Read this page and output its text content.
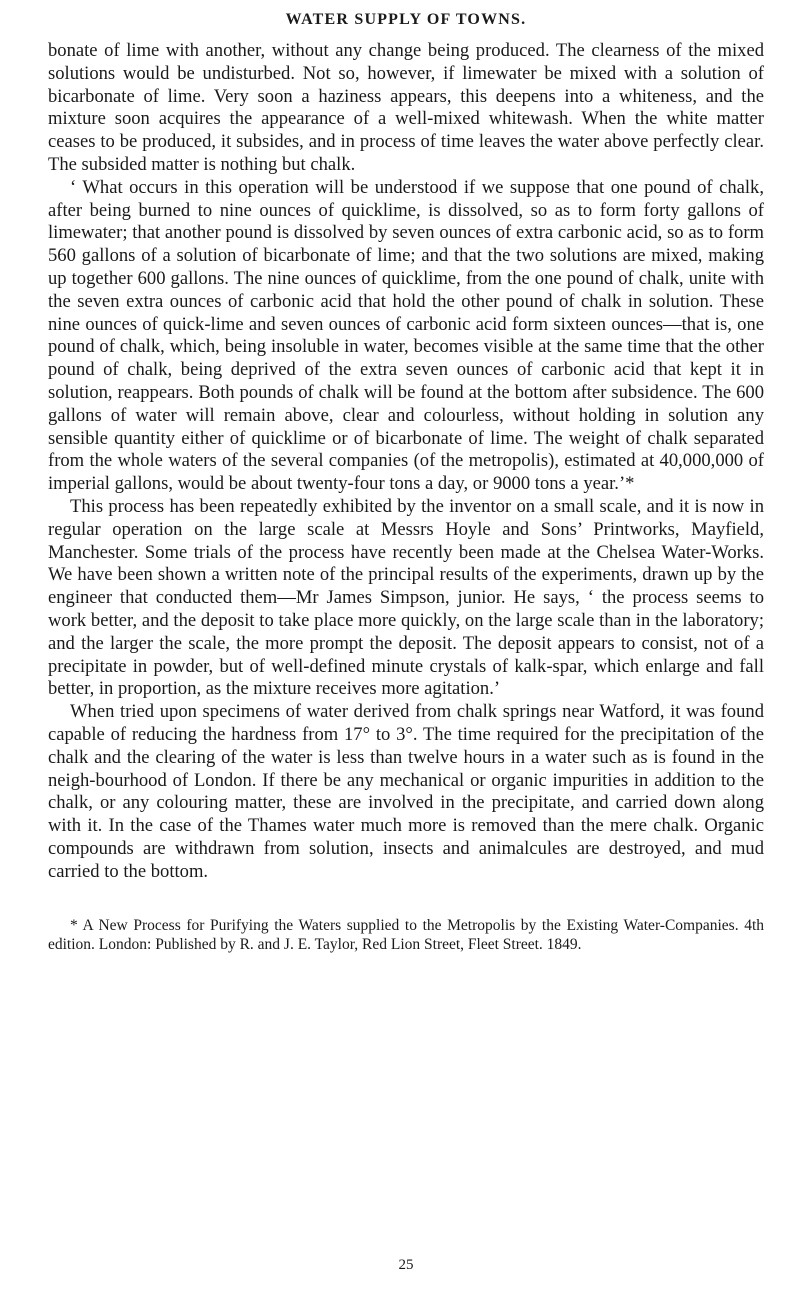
WATER SUPPLY OF TOWNS.

bonate of lime with another, without any change being produced. The clearness of the mixed solutions would be undisturbed. Not so, however, if limewater be mixed with a solution of bicarbonate of lime. Very soon a haziness appears, this deepens into a whiteness, and the mixture soon acquires the appearance of a well-mixed whitewash. When the white matter ceases to be produced, it subsides, and in process of time leaves the water above perfectly clear. The subsided matter is nothing but chalk.

‘ What occurs in this operation will be understood if we suppose that one pound of chalk, after being burned to nine ounces of quicklime, is dissolved, so as to form forty gallons of limewater; that another pound is dissolved by seven ounces of extra carbonic acid, so as to form 560 gallons of a solution of bicarbonate of lime; and that the two solutions are mixed, making up together 600 gallons. The nine ounces of quicklime, from the one pound of chalk, unite with the seven extra ounces of carbonic acid that hold the other pound of chalk in solution. These nine ounces of quick-lime and seven ounces of carbonic acid form sixteen ounces—that is, one pound of chalk, which, being insoluble in water, becomes visible at the same time that the other pound of chalk, being deprived of the extra seven ounces of carbonic acid that kept it in solution, reappears. Both pounds of chalk will be found at the bottom after subsidence. The 600 gallons of water will remain above, clear and colourless, without holding in solution any sensible quantity either of quicklime or of bicarbonate of lime. The weight of chalk separated from the whole waters of the several companies (of the metropolis), estimated at 40,000,000 of imperial gallons, would be about twenty-four tons a day, or 9000 tons a year.’*

This process has been repeatedly exhibited by the inventor on a small scale, and it is now in regular operation on the large scale at Messrs Hoyle and Sons’ Printworks, Mayfield, Manchester. Some trials of the process have recently been made at the Chelsea Water-Works. We have been shown a written note of the principal results of the experiments, drawn up by the engineer that conducted them—Mr James Simpson, junior. He says, ‘ the process seems to work better, and the deposit to take place more quickly, on the large scale than in the laboratory; and the larger the scale, the more prompt the deposit. The deposit appears to consist, not of a precipitate in powder, but of well-defined minute crystals of kalk-spar, which enlarge and fall better, in proportion, as the mixture receives more agitation.’

When tried upon specimens of water derived from chalk springs near Watford, it was found capable of reducing the hardness from 17° to 3°. The time required for the precipitation of the chalk and the clearing of the water is less than twelve hours in a water such as is found in the neigh-bourhood of London. If there be any mechanical or organic impurities in addition to the chalk, or any colouring matter, these are involved in the precipitate, and carried down along with it. In the case of the Thames water much more is removed than the mere chalk. Organic compounds are withdrawn from solution, insects and animalcules are destroyed, and mud carried to the bottom.

* A New Process for Purifying the Waters supplied to the Metropolis by the Existing Water-Companies. 4th edition. London: Published by R. and J. E. Taylor, Red Lion Street, Fleet Street. 1849.

25
